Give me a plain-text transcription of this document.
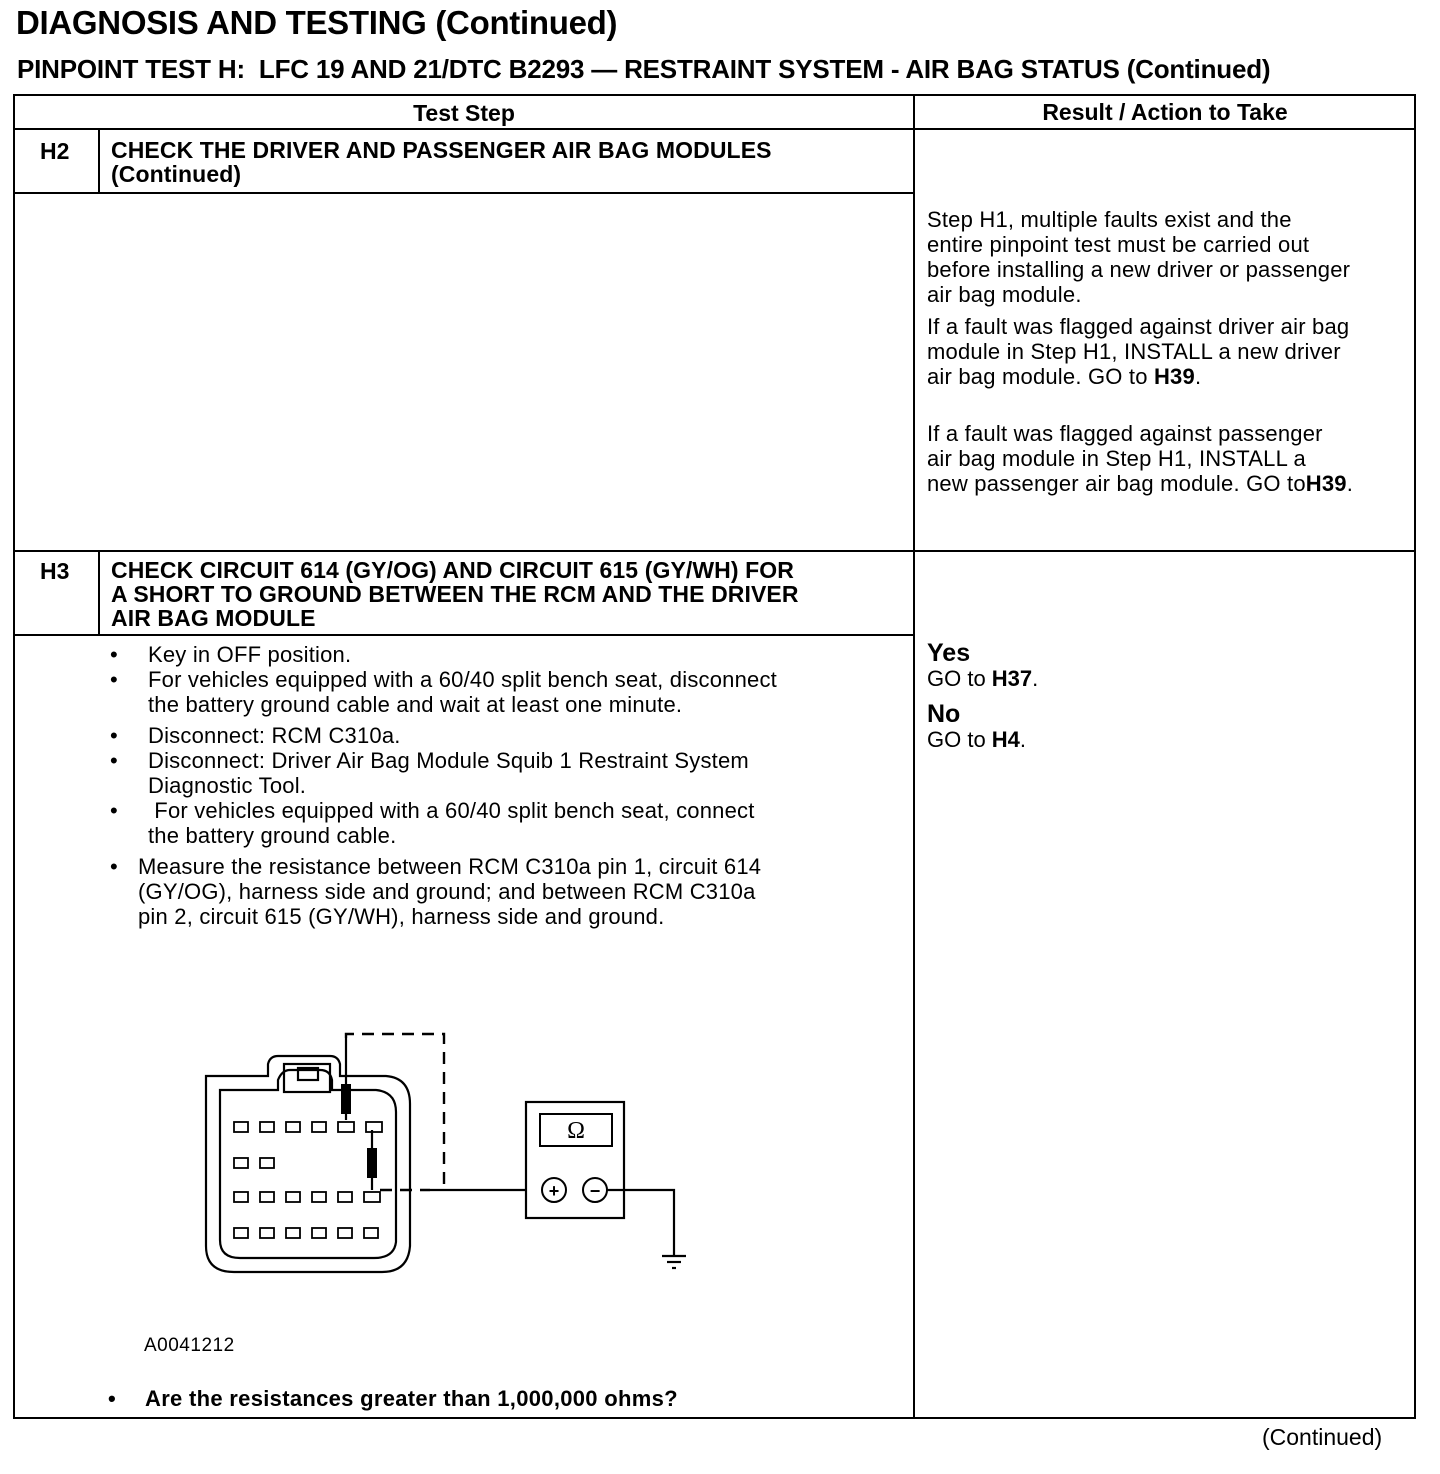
DIAGNOSIS AND TESTING (Continued)
PINPOINT TEST H: LFC 19 AND 21/DTC B2293 — RESTRAINT SYSTEM - AIR BAG STATUS (Continued)
Test Step	Result / Action to Take
H2 CHECK THE DRIVER AND PASSENGER AIR BAG MODULES
(Continued)

Step H1, multiple faults exist and the
entire pinpoint test must be carried out
before installing a new driver or passenger
air bag module.

If a fault was flagged against driver air bag
module in Step H1, INSTALL a new driver
air bag module. GO to H39.

If a fault was flagged against passenger
air bag module in Step H1, INSTALL a
new passenger air bag module. GO toH39.

H3 CHECK CIRCUIT 614 (GY/OG) AND CIRCUIT 615 (GY/WH) FOR
A SHORT TO GROUND BETWEEN THE RCM AND THE DRIVER
AIR BAG MODULE
• Key in OFF position.
• For vehicles equipped with a 60/40 split bench seat, disconnect
the battery ground cable and wait at least one minute.
• Disconnect: RCM C310a.
• Disconnect: Driver Air Bag Module Squib 1 Restraint System
Diagnostic Tool.
• For vehicles equipped with a 60/40 split bench seat, connect
the battery ground cable.
• Measure the resistance between RCM C310a pin 1, circuit 614
(GY/OG), harness side and ground; and between RCM C310a
pin 2, circuit 615 (GY/WH), harness side and ground.
Ω
+ −
A0041212
• Are the resistances greater than 1,000,000 ohms?
Yes
GO to H37.
No
GO to H4.
(Continued)
